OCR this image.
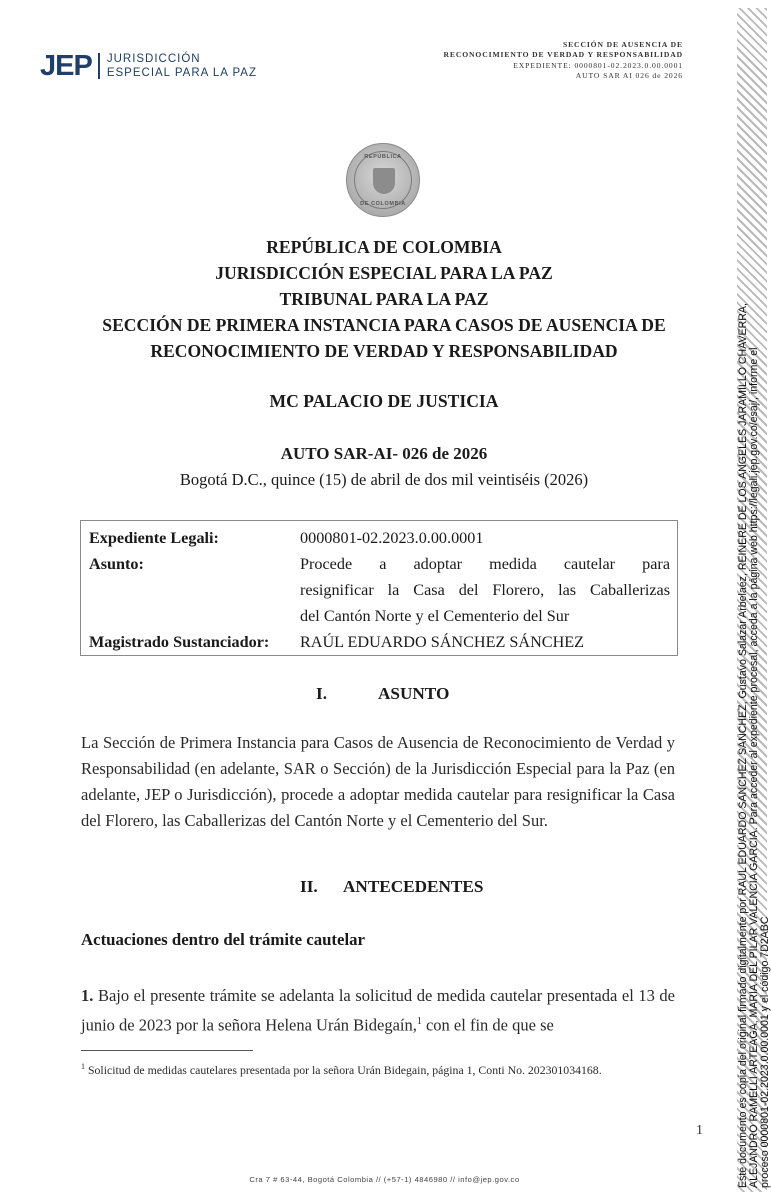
JEP JURISDICCIÓN
ESPECIAL PARA LA PAZ
SECCIÓN DE AUSENCIA DE
RECONOCIMIENTO DE VERDAD Y RESPONSABILIDAD
EXPEDIENTE: 0000801-02.2023.0.00.0001
AUTO SAR AI 026 de 2026
REPÚBLICA
DE COLOMBIA
REPÚBLICA DE COLOMBIA
JURISDICCIÓN ESPECIAL PARA LA PAZ
TRIBUNAL PARA LA PAZ
SECCIÓN DE PRIMERA INSTANCIA PARA CASOS DE AUSENCIA DE
RECONOCIMIENTO DE VERDAD Y RESPONSABILIDAD
MC PALACIO DE JUSTICIA
AUTO SAR-AI- 026 de 2026
Bogotá D.C., quince (15) de abril de dos mil veintiséis (2026)
Expediente Legali:	0000801-02.2023.0.00.0001
Asunto:	Procede a adoptar medida cautelar para
resignificar la Casa del Florero, las Caballerizas
del Cantón Norte y el Cementerio del Sur
Magistrado Sustanciador: RAÚL EDUARDO SÁNCHEZ SÁNCHEZ
I.	ASUNTO
La Sección de Primera Instancia para Casos de Ausencia de Reconocimiento de Verdad y Responsabilidad (en adelante, SAR o Sección) de la Jurisdicción Especial para la Paz (en adelante, JEP o Jurisdicción), procede a adoptar medida cautelar para resignificar la Casa del Florero, las Caballerizas del Cantón Norte y el Cementerio del Sur.
II. ANTECEDENTES
Actuaciones dentro del trámite cautelar
1. Bajo el presente trámite se adelanta la solicitud de medida cautelar presentada el 13 de junio de 2023 por la señora Helena Urán Bidegaín,$^1$ con el fin de que se
$^1$ Solicitud de medidas cautelares presentada por la señora Urán Bidegain, página 1, Conti No. 202301034168.
1
Cra 7 # 63-44, Bogotá Colombia // (+57-1) 4846980 // info@jep.gov.co	Este documento es copia del original firmado digitalmente por RAUL EDUARDO SANCHEZ SANCHEZ, Gustavo Salazar Arbelaez, REINERE DE LOS ANGELES JARAMILLO CHAVERRA, ALEJANDRO RAMELLI ARTEAGA, MARIA DEL PILAR VALENCIA GARCIA. Para acceder al expediente procesal, acceda a la página web https://legali.jep.gov.co/esaj/, informe el proceso 0000801-02.2023.0.00.0001 y el código 7D2ABC
